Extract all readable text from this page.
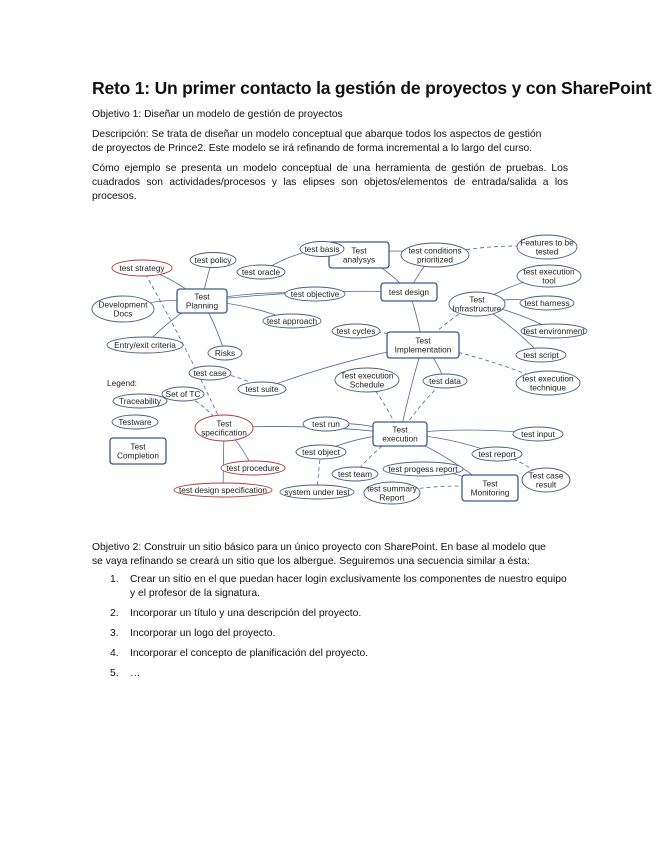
Reto 1: Un primer contacto la gestión de proyectos y con SharePoint

Objetivo 1: Diseñar un modelo de gestión de proyectos

Descripción: Se trata de diseñar un modelo conceptual que abarque todos los aspectos de gestión

de proyectos de Prince2. Este modelo se irá refinando de forma incremental a lo largo del curso.

Cómo ejemplo se presenta un modelo conceptual de una herramienta de gestión de pruebas. Los cuadrados son actividades/procesos y las elipses son objetos/elementos de entrada/salida a los procesos.

Test
analysys
Test
Planning
test design
Test
Implementation
Test
execution
Test
Monitoring
Test
Completion
test basis
test policy
test strategy	test oracle
test conditions
prioritized
Features to be
tested
test execution
tool
Development
Docs
test objective
Test
Infrastructure
test harness
test approach
test cycles	test environment
Entry/exit criteria
Risks	test script
test case	Test execution
Schedule	test data	test execution
technique
Set of TC	test suite
Traceability
Testware	Test
specification
test run
test input
test object	test report
test procedure
test team test progess report
Test case
result
test design specification system under test test summary
Report
Legend:

Objetivo 2: Construir un sitio básico para un único proyecto con SharePoint. En base al modelo que

se vaya refinando se creará un sitio que los albergue. Seguiremos una secuencia similar a ésta:

1. Crear un sitio en el que puedan hacer login exclusivamente los componentes de nuestro equipo y el profesor de la signatura.
2. Incorporar un título y una descripción del proyecto.
3. Incorporar un logo del proyecto.
4. Incorporar el concepto de planificación del proyecto.
5. …
